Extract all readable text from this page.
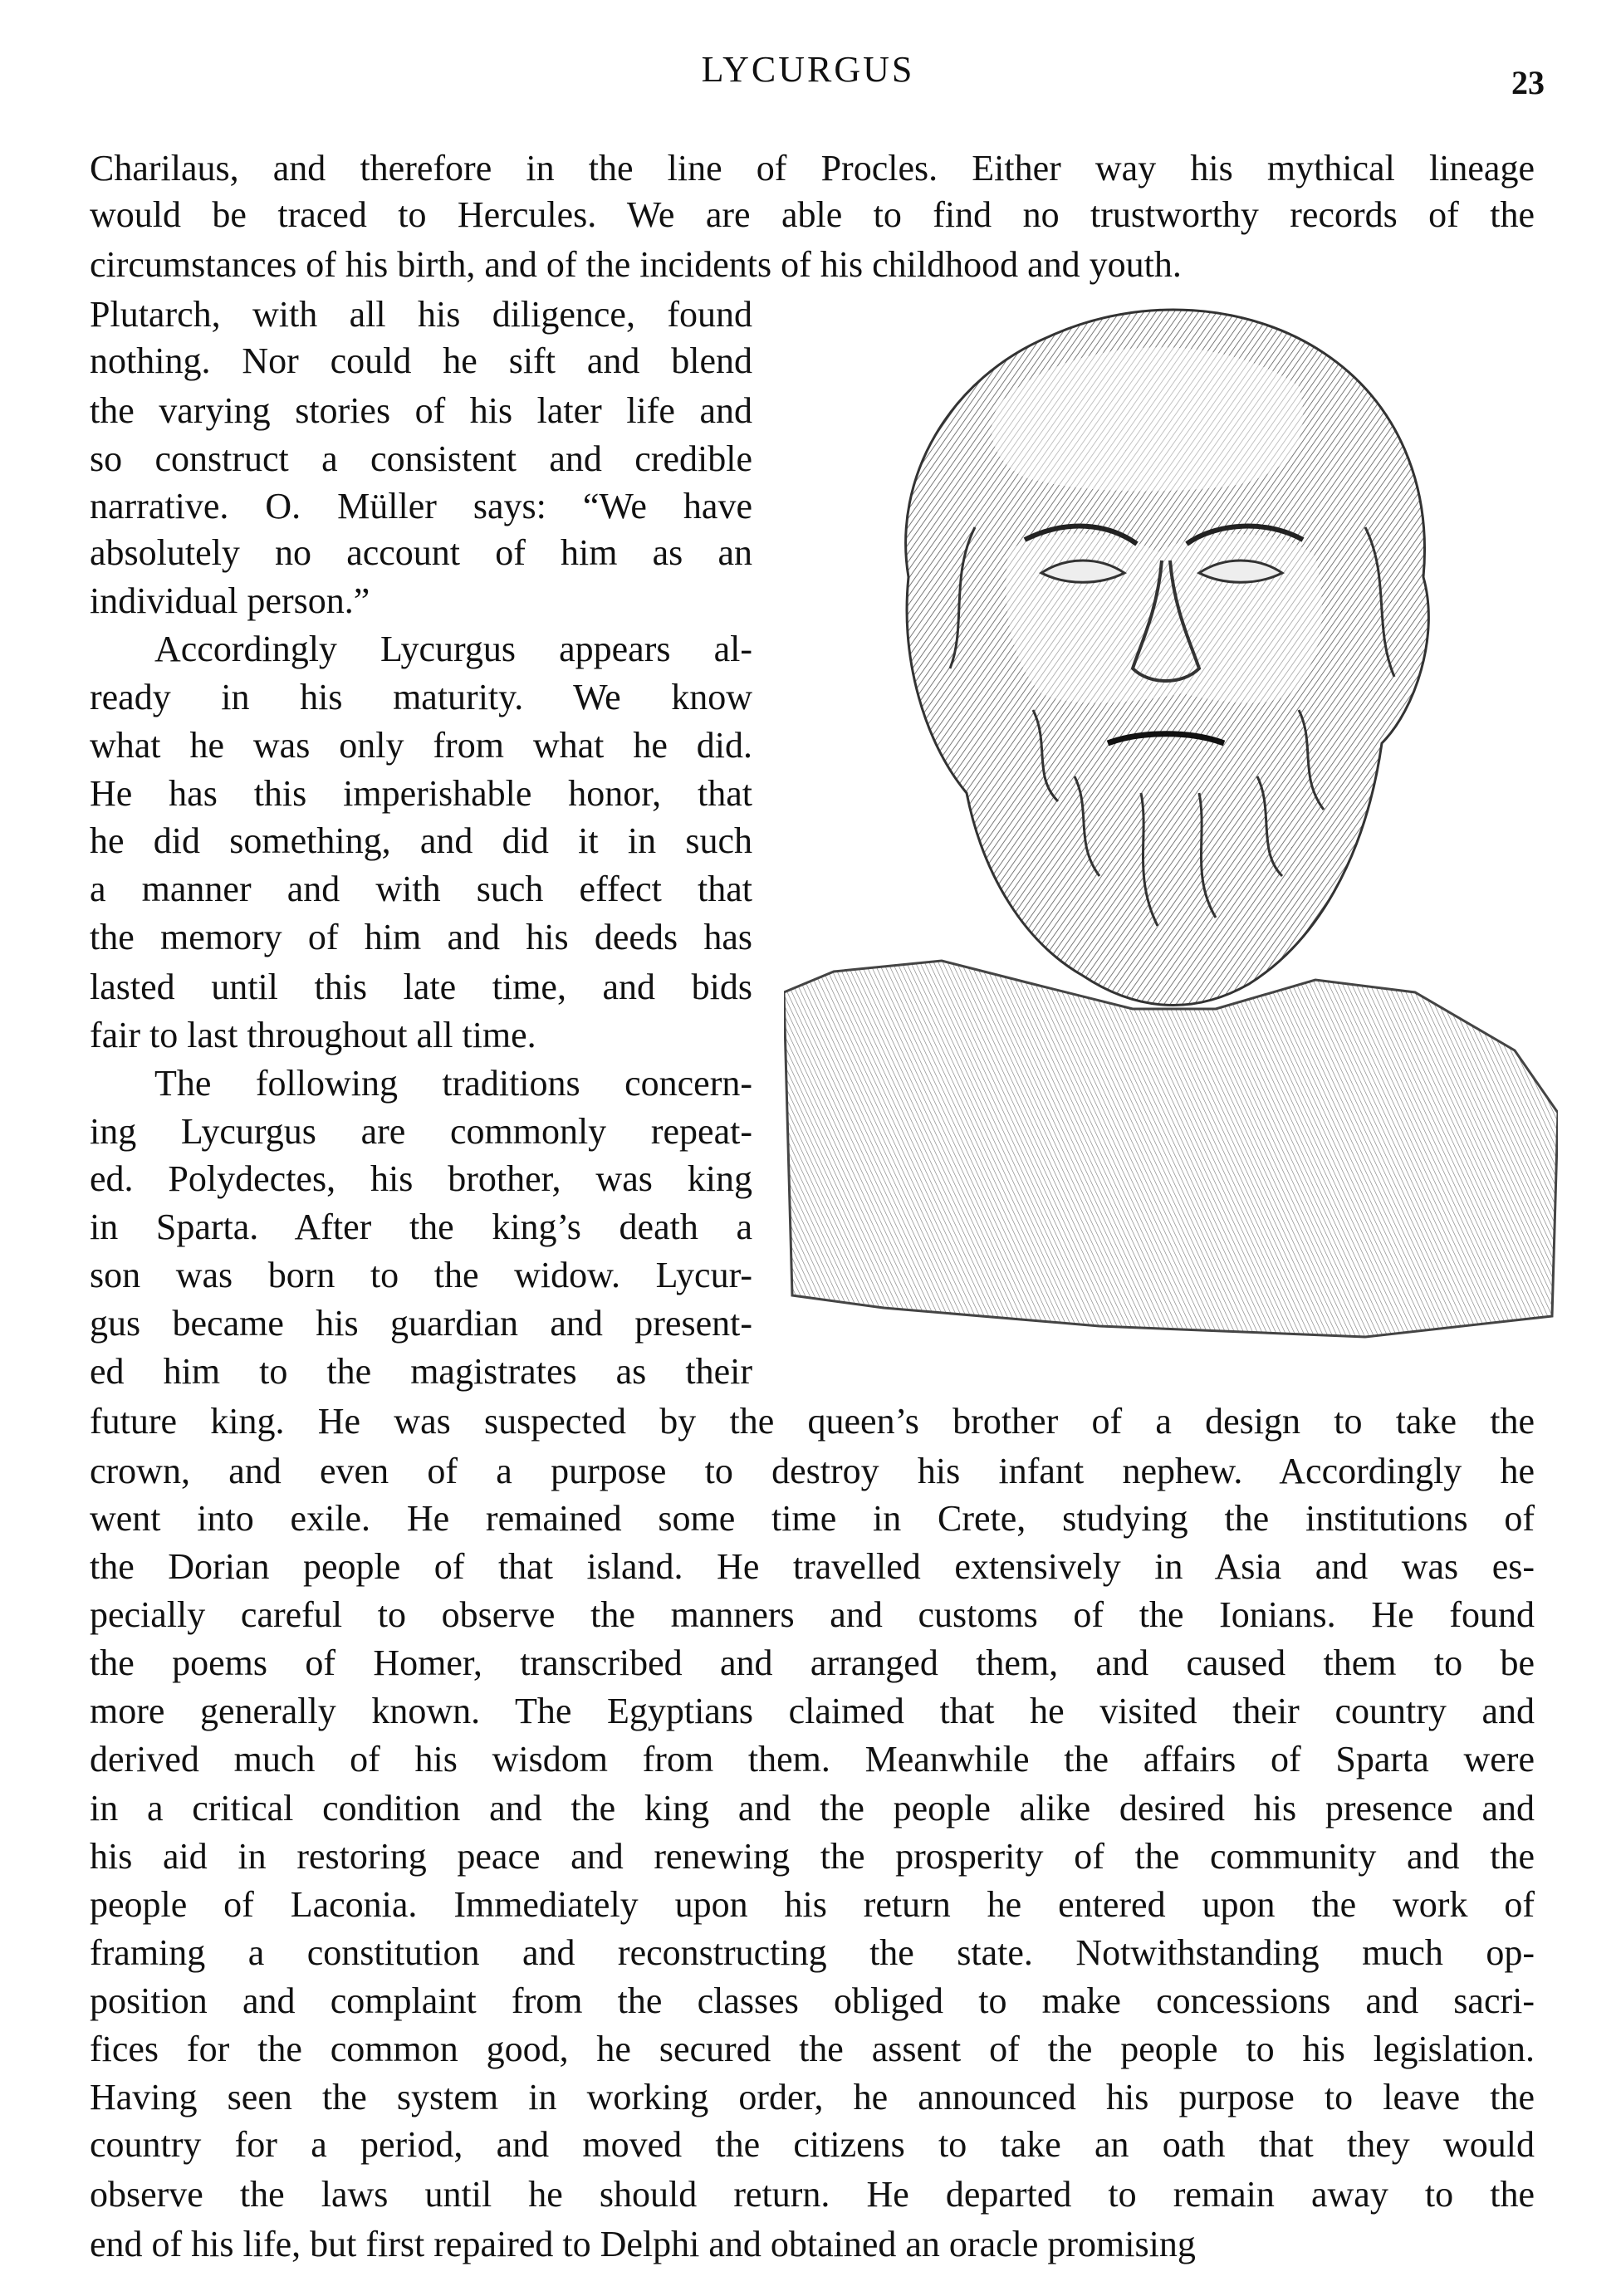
LYCURGUS	23
Charilaus, and therefore in the line of Procles. Either way his mythical lineage
would be traced to Hercules. We are able to find no trustworthy records of the
circumstances of his birth, and of the incidents of his childhood and youth.
Plutarch, with all his diligence, found
nothing. Nor could he sift and blend
the varying stories of his later life and
so construct a consistent and credible
narrative. O. Müller says: “We have
absolutely no account of him as an
individual person.”
Accordingly Lycurgus appears al-
ready in his maturity. We know
what he was only from what he did.
He has this imperishable honor, that
he did something, and did it in such
a manner and with such effect that
the memory of him and his deeds has
lasted until this late time, and bids
fair to last throughout all time.
The following traditions concern-
ing Lycurgus are commonly repeat-
ed. Polydectes, his brother, was king
in Sparta. After the king’s death a
son was born to the widow. Lycur-
gus became his guardian and present-
ed him to the magistrates as their
future king. He was suspected by the queen’s brother of a design to take the
crown, and even of a purpose to destroy his infant nephew. Accordingly he
went into exile. He remained some time in Crete, studying the institutions of
the Dorian people of that island. He travelled extensively in Asia and was es-
pecially careful to observe the manners and customs of the Ionians. He found
the poems of Homer, transcribed and arranged them, and caused them to be
more generally known. The Egyptians claimed that he visited their country and
derived much of his wisdom from them. Meanwhile the affairs of Sparta were
in a critical condition and the king and the people alike desired his presence and
his aid in restoring peace and renewing the prosperity of the community and the
people of Laconia. Immediately upon his return he entered upon the work of
framing a constitution and reconstructing the state. Notwithstanding much op-
position and complaint from the classes obliged to make concessions and sacri-
fices for the common good, he secured the assent of the people to his legislation.
Having seen the system in working order, he announced his purpose to leave the
country for a period, and moved the citizens to take an oath that they would
observe the laws until he should return. He departed to remain away to the
end of his life, but first repaired to Delphi and obtained an oracle promising
